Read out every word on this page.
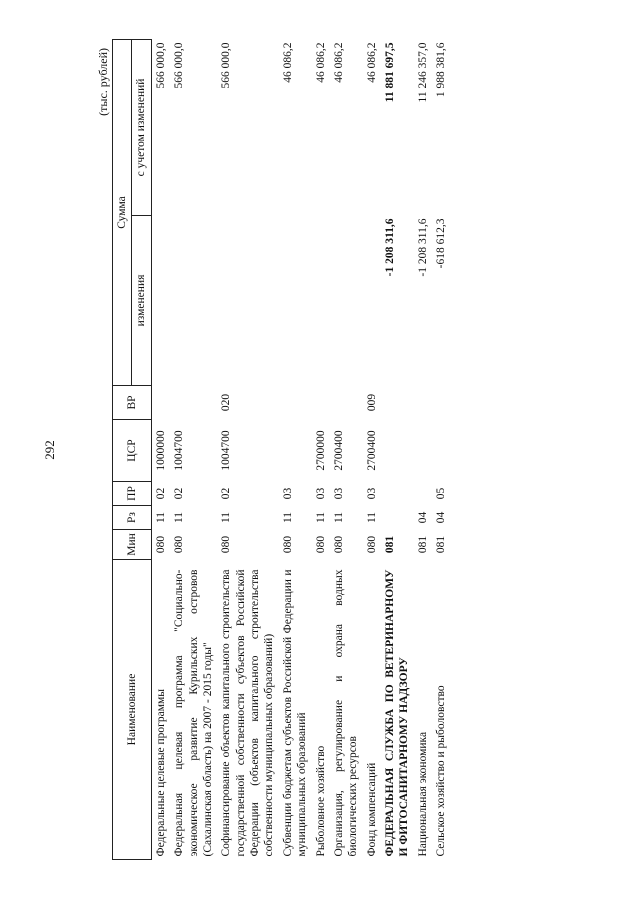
292
(тыс. рублей)
Наименование	Мин	Рз	ПР	ЦСР	ВР	Сумма	
						изменения	с учетом изменений
Федеральные целевые программы	080	11	02	1000000			566 000,0
Федеральная целевая программа "Социально-экономическое развитие Курильских островов (Сахалинская область) на 2007 - 2015 годы"	080	11	02	1004700			566 000,0
Софинансирование объектов капитального строительства государственной собственности субъектов Российской Федерации (объектов капитального строительства собственности муниципальных образований)	080	11	02	1004700	020		566 000,0
Субвенции бюджетам субъектов Российской Федерации и муниципальных образований	080	11	03				46 086,2
Рыболовное хозяйство	080	11	03	2700000			46 086,2
Организация, регулирование и охрана водных биологических ресурсов	080	11	03	2700400			46 086,2
Фонд компенсаций	080	11	03	2700400	009		46 086,2
ФЕДЕРАЛЬНАЯ СЛУЖБА ПО ВЕТЕРИНАРНОМУ И ФИТОСАНИТАРНОМУ НАДЗОРУ	081					-1 208 311,6	11 881 697,5
Национальная экономика	081	04				-1 208 311,6	11 246 357,0
Сельское хозяйство и рыболовство	081	04	05			-618 612,3	1 988 381,6
